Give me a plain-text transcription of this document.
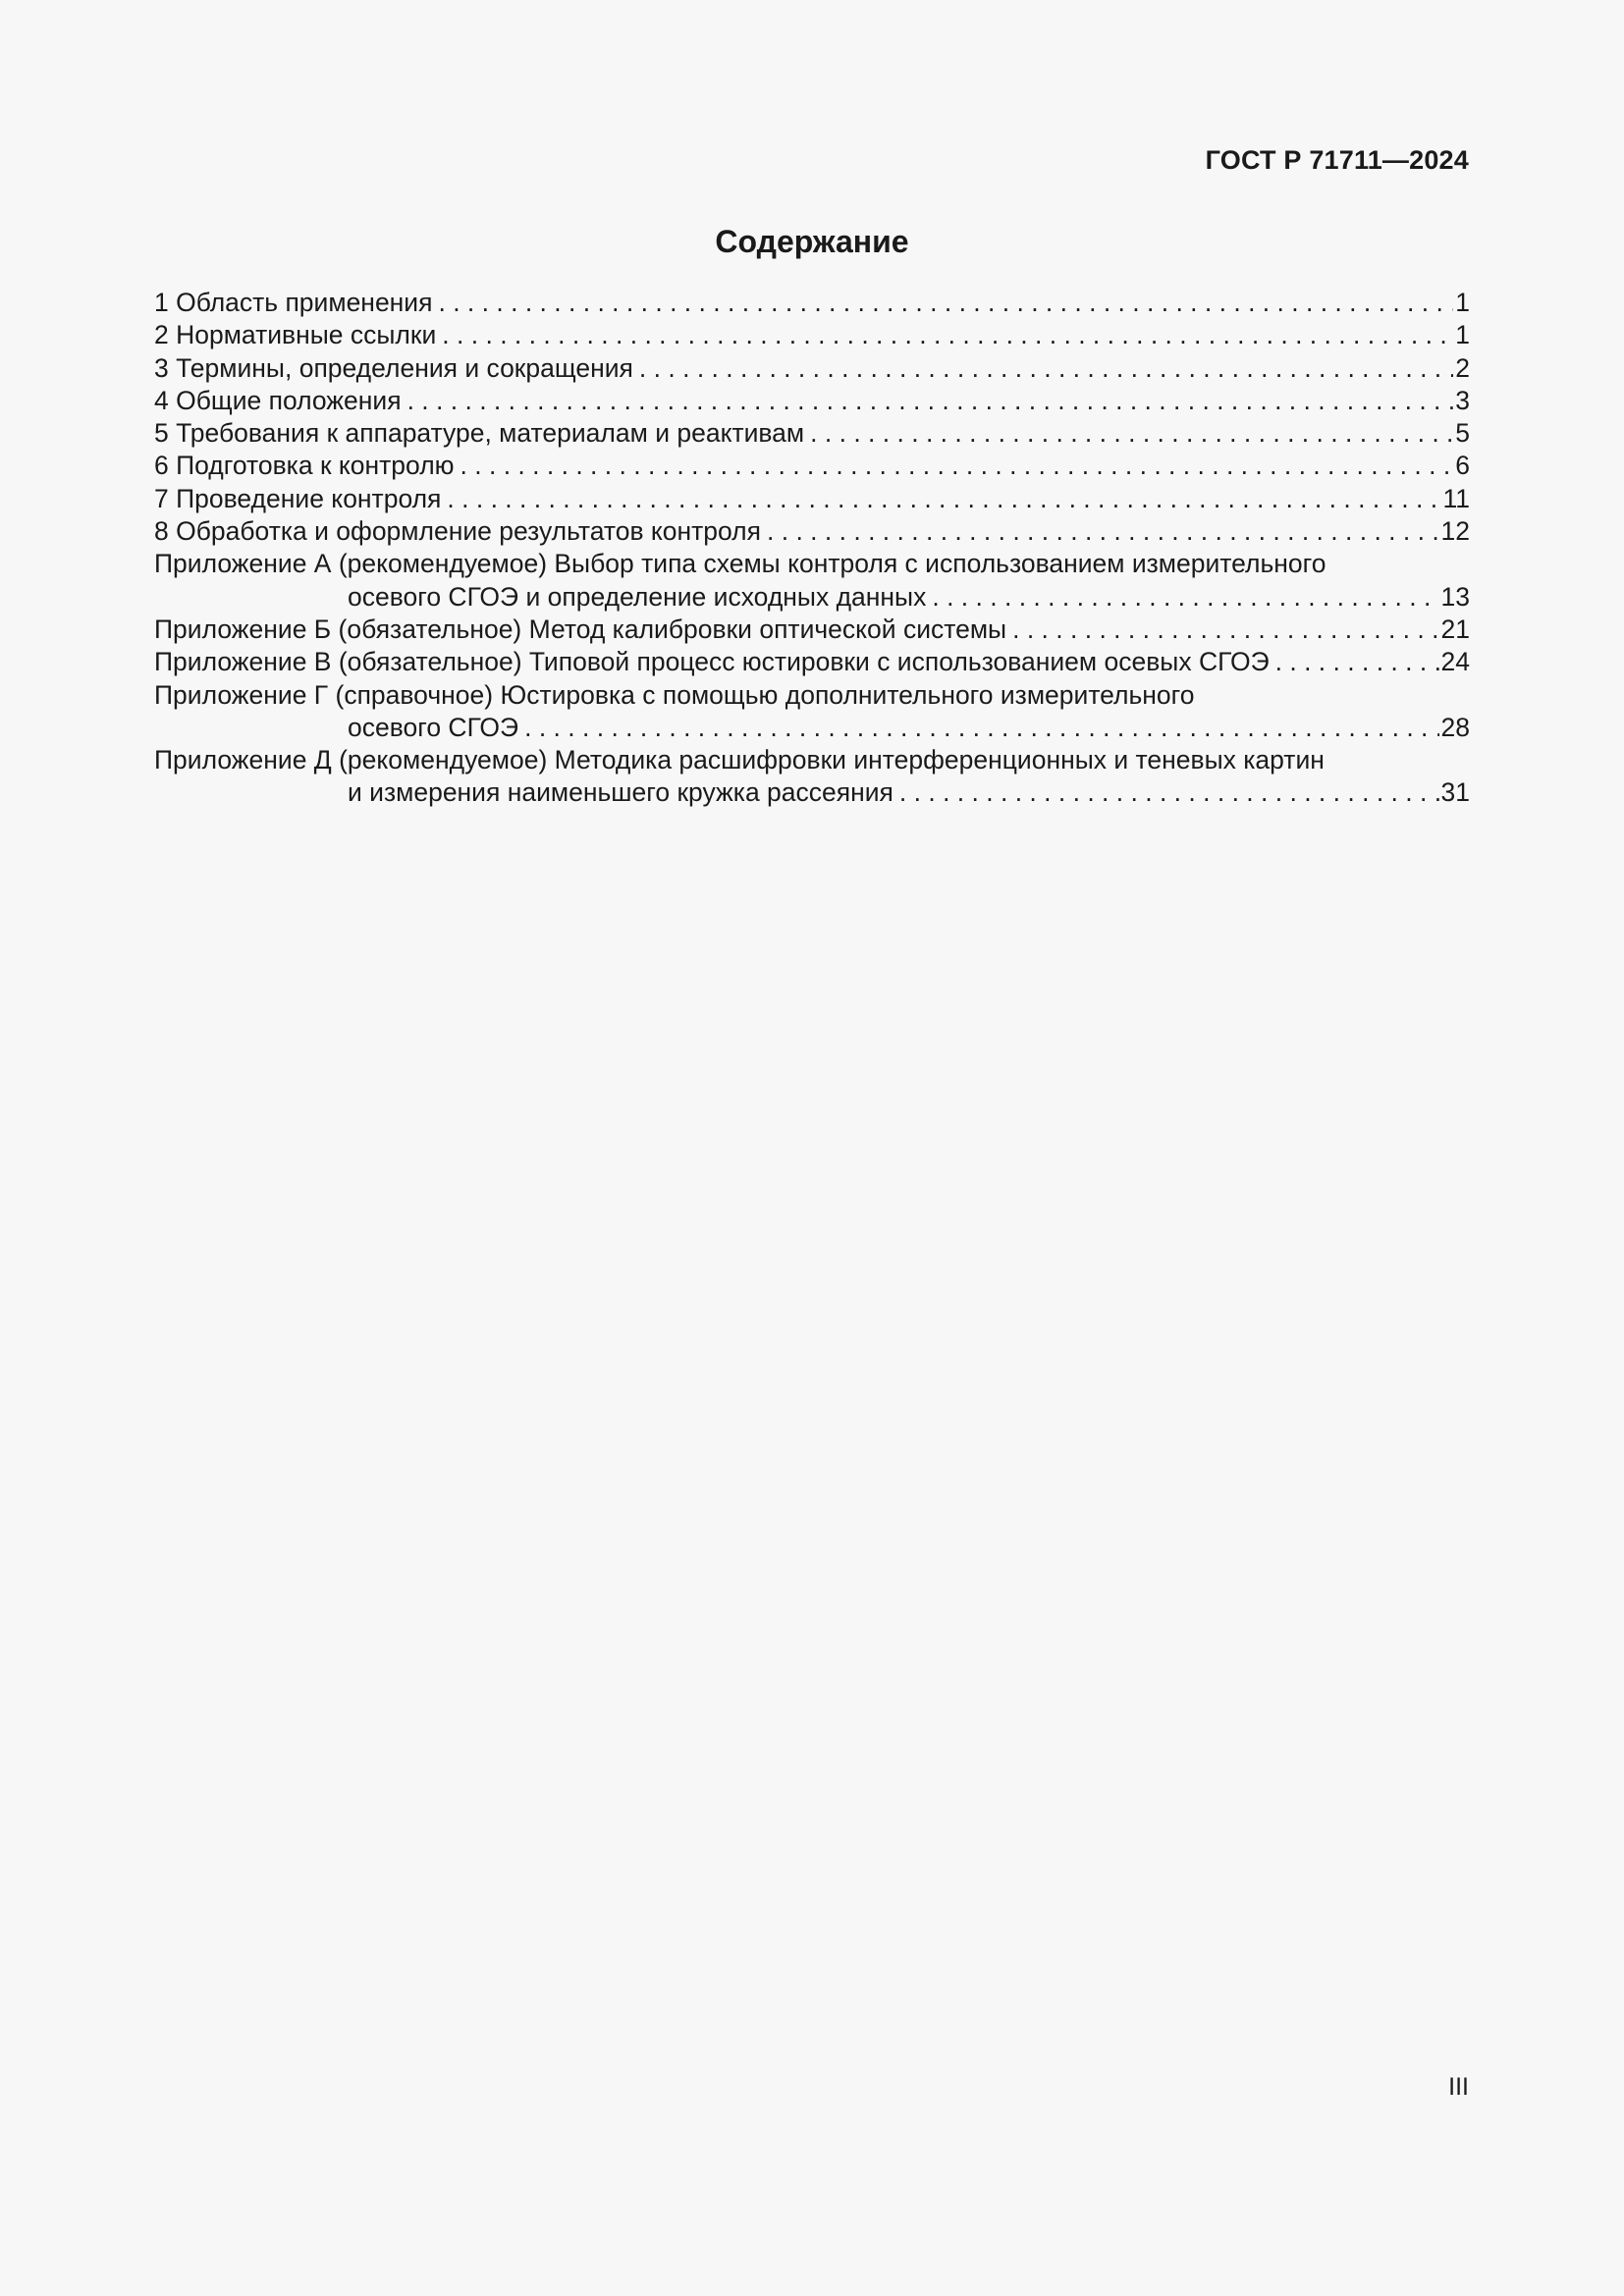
ГОСТ Р 71711—2024
Содержание
1 Область применения . . .	1
2 Нормативные ссылки . . .	1
3 Термины, определения и сокращения . . .	2
4 Общие положения . . .	3
5 Требования к аппаратуре, материалам и реактивам . . .	5
6 Подготовка к контролю . . .	6
7 Проведение контроля . . .	11
8 Обработка и оформление результатов контроля . . .	12
Приложение А (рекомендуемое) Выбор типа схемы контроля с использованием измерительного
осевого СГОЭ и определение исходных данных . . .	13
Приложение Б (обязательное) Метод калибровки оптической системы . . .	21
Приложение В (обязательное) Типовой процесс юстировки с использованием осевых СГОЭ . . .	24
Приложение Г (справочное) Юстировка с помощью дополнительного измерительного
осевого СГОЭ . . .	28
Приложение Д (рекомендуемое) Методика расшифровки интерференционных и теневых картин
и измерения наименьшего кружка рассеяния . . .	31
III
